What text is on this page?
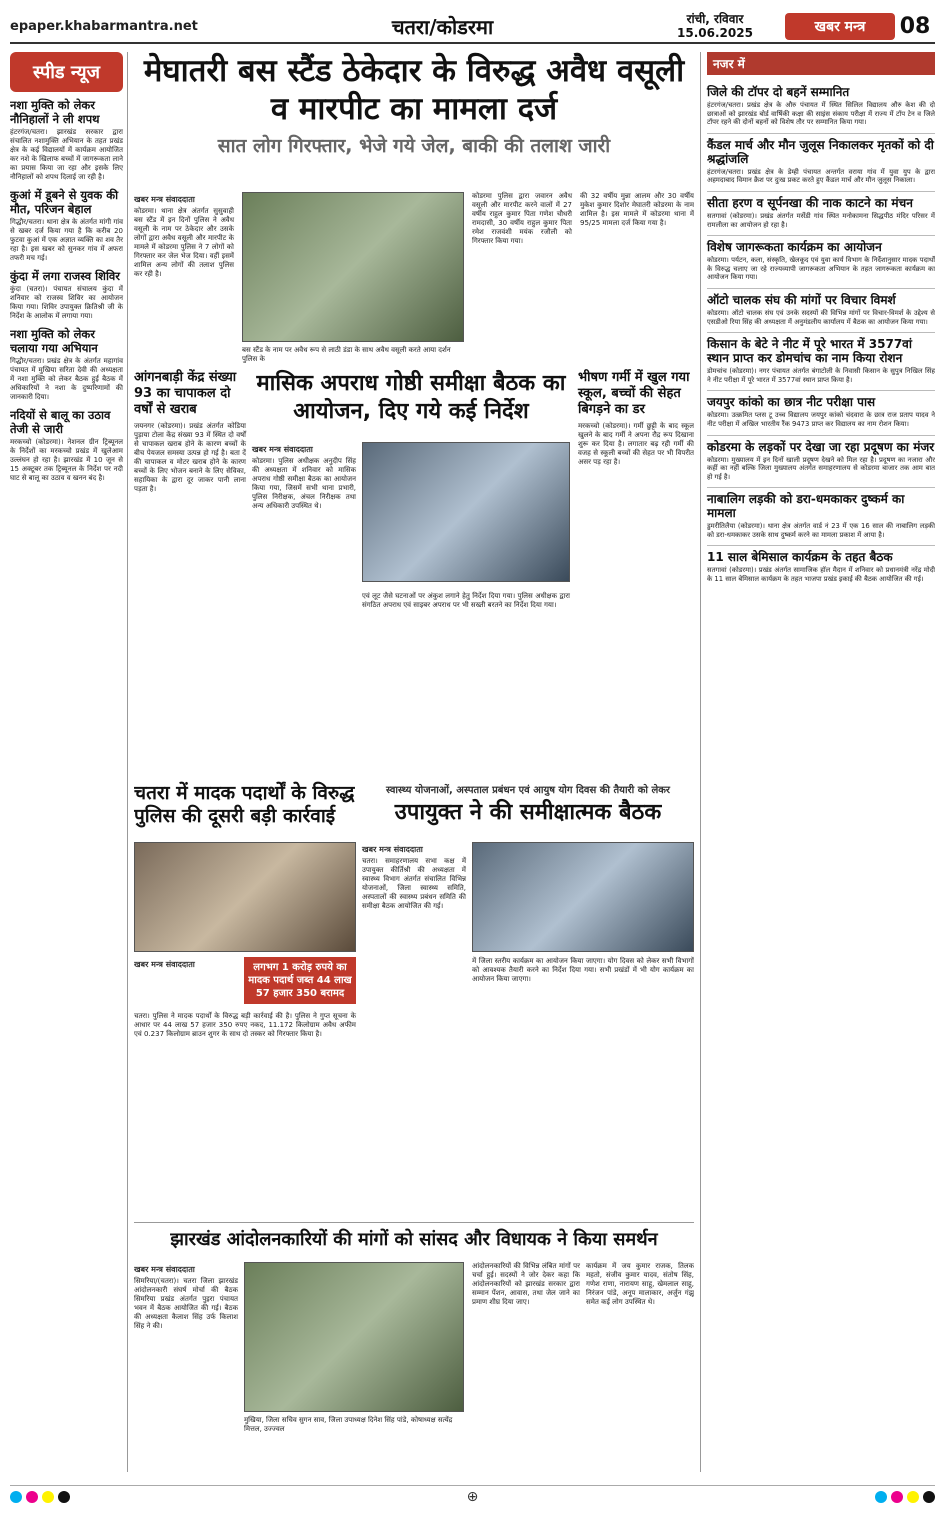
epaper.khabarmantra.net	चतरा/कोडरमा	रांची, रविवार
15.06.2025	खबर मन्त्र	08
स्पीड न्यूज
नशा मुक्ति को लेकर नौनिहालों ने ली शपथ
हंटरगंज/चतरा। झारखंड सरकार द्वारा संचालित नशामुक्ति अभियान के तहत प्रखंड क्षेत्र के कई विद्यालयों में कार्यक्रम आयोजित कर नशे के खिलाफ बच्चों में जागरूकता लाने का प्रयास किया जा रहा और इसके लिए नौनिहालों को शपथ दिलाई जा रही है।
कुआं में डूबने से युवक की मौत, परिजन बेहाल
गिद्धौर/चतरा। थाना क्षेत्र के अंतर्गत मांगी गांव से खबर दर्ज किया गया है कि करीब 20 फुटवा कुआं में एक अज्ञात व्यक्ति का शव तैर रहा है। इस खबर को सुनकर गांव में अफरा तफरी मच गई।
कुंदा में लगा राजस्व शिविर
कुंदा (चतरा)। पंचायत संचालय कुंदा में शनिवार को राजस्व शिविर का आयोजन किया गया। शिविर उपायुक्त क्रितिश्री जी के निर्देश के आलोक में लगाया गया।
नशा मुक्ति को लेकर चलाया गया अभियान
गिद्धौर/चतरा। प्रखंड क्षेत्र के अंतर्गत महागांव पंचायत में मुखिया सरिता देवी की अध्यक्षता में नशा मुक्ति को लेकर बैठक हुई बैठक में अधिकारियों ने नशा के दुष्परिणामों की जानकारी दिया।
नदियों से बालू का उठाव तेजी से जारी
मरकच्चो (कोडरमा)। नेशनल ग्रीन ट्रिब्यूनल के निर्देशों का मरकच्चो प्रखंड में खुलेआम उल्लंघन हो रहा है। झारखंड में 10 जून से 15 अक्टूबर तक ट्रिब्यूनल के निर्देश पर नदी घाट से बालू का उठाव व खनन बंद है।
मेघातरी बस स्टैंड ठेकेदार के विरुद्ध अवैध वसूली व मारपीट का मामला दर्ज
सात लोग गिरफ्तार, भेजे गये जेल, बाकी की तलाश जारी
खबर मन्त्र संवाददाता
कोडरमा। थाना क्षेत्र अंतर्गत सुसुवाही बस स्टैंड में इन दिनों पुलिस ने अवैध वसूली के नाम पर ठेकेदार और उसके लोगों द्वारा अवैध वसूली और मारपीट के मामले में कोडरमा पुलिस ने 7 लोगों को गिरफ्तार कर जेल भेज दिया। वहीं इसमें शामिल अन्य लोगों की तलाश पुलिस कर रही है।
बस स्टैंड के नाम पर अवैध रूप से लाठी डंडा के साथ अवैध वसूली करते आया दर्शन पुलिस के
कोडरमा पुलिस द्वारा जवारन अवैध वसूली और मारपीट करने वालों में 27 वर्षीय राहुल कुमार पिता गणेश चौधरी रामदासी, 30 वर्षीय राहुल कुमार पिता रमेश राजवंशी मयंक रजौली को गिरफ्तार किया गया।
की 32 वर्षीय मुन्ना आलम और 30 वर्षीय मुकेश कुमार दिशोर मेघातरी कोडरमा के नाम शामिल है। इस मामले में कोडरमा थाना में 95/25 मामला दर्ज किया गया है।
आंगनबाड़ी केंद्र संख्या 93 का चापाकल दो वर्षों से खराब
जयनगर (कोडरमा)। प्रखंड अंतर्गत कोडिया पुड़ाया टोला केंद्र संख्या 93 में स्थित दो वर्षों से चापाकल खराब होने के कारण बच्चों के बीच पेयजल समस्या उत्पन्न हो गई है। बता दें की चापाकल व मोटर खराब होने के कारण बच्चों के लिए भोजन बनाने के लिए सेविका, सहायिका के द्वारा दूर जाकर पानी लाना पड़ता है।
मासिक अपराध गोष्ठी समीक्षा बैठक का आयोजन, दिए गये कई निर्देश
खबर मन्त्र संवाददाता
कोडरमा। पुलिस अधीक्षक अनुदीप सिंह की अध्यक्षता में शनिवार को मासिक अपराध गोष्ठी समीक्षा बैठक का आयोजन किया गया, जिसमें सभी थाना प्रभारी, पुलिस निरीक्षक, अंचल निरीक्षक तथा अन्य अधिकारी उपस्थित थे।
एवं लूट जैसे घटनाओं पर अंकुश लगाने हेतु निर्देश दिया गया। पुलिस अधीक्षक द्वारा संगठित अपराध एवं साइबर अपराध पर भी सख्ती बरतने का निर्देश दिया गया।
भीषण गर्मी में खुल गया स्कूल, बच्चों की सेहत बिगड़ने का डर
मरकच्चो (कोडरमा)। गर्मी छुट्टी के बाद स्कूल खुलने के बाद गर्मी ने अपना रौद्र रूप दिखाना शुरू कर दिया है। लगातार बढ़ रही गर्मी की वजह से स्कूली बच्चों की सेहत पर भी विपरीत असर पड़ रहा है।
चतरा में मादक पदार्थों के विरुद्ध पुलिस की दूसरी बड़ी कार्रवाई
खबर मन्त्र संवाददाता	लगभग 1 करोड़ रुपये का मादक पदार्थ जब्त 44 लाख 57 हजार 350 बरामद
चतरा। पुलिस ने मादक पदार्थों के विरुद्ध बड़ी कार्रवाई की है। पुलिस ने गुप्त सूचना के आधार पर 44 लाख 57 हजार 350 रुपए नकद, 11.172 किलोग्राम अवैध अफीम एवं 0.237 किलोग्राम ब्राउन शुगर के साथ दो तस्कर को गिरफ्तार किया है।
स्वास्थ्य योजनाओं, अस्पताल प्रबंधन एवं आयुष योग दिवस की तैयारी को लेकर
उपायुक्त ने की समीक्षात्मक बैठक
खबर मन्त्र संवाददाता
चतरा। समाहरणालय सभा कक्ष में उपायुक्त कीर्तिश्री की अध्यक्षता में स्वास्थ्य विभाग अंतर्गत संचालित विभिन्न योजनाओं, जिला स्वास्थ्य समिति, अस्पतालों की स्वास्थ्य प्रबंधन समिति की समीक्षा बैठक आयोजित की गई।
में जिला स्तरीय कार्यक्रम का आयोजन किया जाएगा। योग दिवस को लेकर सभी विभागों को आवश्यक तैयारी करने का निर्देश दिया गया। सभी प्रखंडों में भी योग कार्यक्रम का आयोजन किया जाएगा।
झारखंड आंदोलनकारियों की मांगों को सांसद और विधायक ने किया समर्थन
खबर मन्त्र संवाददाता
सिमरिया/(चतरा)। चतरा जिला झारखंड आंदोलनकारी संघर्ष मोर्चा की बैठक सिमरिया प्रखंड अंतर्गत पुइरा पंचायत भवन में बैठक आयोजित की गई। बैठक की अध्यक्षता कैलाश सिंह उर्फ किलाश सिंह ने की।
मुखिया, जिला सचिव सुगन साव, जिला उपाध्यक्ष दिनेश सिंह पांडे, कोषाध्यक्ष सत्येंद्र मित्तल, उज्ज्वल
आंदोलनकारियों की विभिन्न लंबित मांगों पर चर्चा हुई। सदस्यों ने जोर देकर कहा कि आंदोलनकारियों को झारखंड सरकार द्वारा सम्मान पेंशन, आवास, तथा जेल जाने का प्रमाण शीघ्र दिया जाए।
कार्यक्रम में जय कुमार राजक, तिलक महतो, संजीव कुमार यादव, संतोष सिंह, गणेश राणा, नारायण साहू, खेमलाल साहू, निरंजन पांडे, अनूप मालाकार, अर्जुन गंझू समेत कई लोग उपस्थित थे।
नजर में
जिले की टॉपर दो बहनें सम्मानित
हंटरगंज/चतरा। प्रखंड क्षेत्र के औरु पंचायत में स्थित सिलिल विद्यालय औरु केश की दो छात्राओं को झारखंड बोर्ड वार्षिकी कक्षा की साइंस संकाय परीक्षा में राज्य में टॉप टेन व जिले टॉपर रहने की दोनों बहनों को विशेष तौर पर सम्मानित किया गया।
कैंडल मार्च और मौन जुलूस निकालकर मृतकों को दी श्रद्धांजलि
हंटरगंज/चतरा। प्रखंड क्षेत्र के डेम्ही पंचायत अन्तर्गत वराया गांव में युवा युप के द्वारा अहमदाबाद विमान क्रैश पर दुःख प्रकट करते हुए कैंडल मार्च और मौन जुलूस निकाला।
सीता हरण व सूर्पनखा की नाक काटने का मंचन
सतगावां (कोडरमा)। प्रखंड अंतर्गत मर्सेडी गांव स्थित मनोकामना सिद्धपीठ मंदिर परिसर में रामलीला का आयोजन हो रहा है।
विशेष जागरूकता कार्यक्रम का आयोजन
कोडरमा। पर्यटन, कला, संस्कृति, खेलकूद एवं युवा कार्य विभाग के निर्देशानुसार मादक पदार्थों के विरुद्ध चलाए जा रहे राज्यव्यापी जागरूकता अभियान के तहत जागरूकता कार्यक्रम का आयोजन किया गया।
ऑटो चालक संघ की मांगों पर विचार विमर्श
कोडरमा। ऑटो चालक संघ एवं उनके सदस्यों की विभिन्न मांगों पर विचार-विमर्श के उद्देश्य से एसडीओ रिया सिंह की अध्यक्षता में अनुमंडलीय कार्यालय में बैठक का आयोजन किया गया।
किसान के बेटे ने नीट में पूरे भारत में 3577वां स्थान प्राप्त कर डोमचांच का नाम किया रोशन
डोमचांच (कोडरमा)। नगर पंचायत अंतर्गत बंगाटोली के निवासी किसान के सुपुत्र निखिल सिंह ने नीट परीक्षा में पूरे भारत में 3577वां स्थान प्राप्त किया है।
जयपुर कांको का छात्र नीट परीक्षा पास
कोडरमा। उत्क्रमित प्लस टू उच्च विद्यालय जयपुर कांको चंदवारा के छात्र राज प्रताप यादव ने नीट परीक्षा में अखिल भारतीय रैंक 9473 प्राप्त कर विद्यालय का नाम रोशन किया।
कोडरमा के लड़कों पर देखा जा रहा प्रदूषण का मंजर
कोडरमा। मुख्यालय में इन दिनों खाली प्रदूषण देखने को मिल रहा है। प्रदूषण का नजारा और कहीं का नहीं बल्कि जिला मुख्यालय अंतर्गत समाहरणालय से कोडरमा बाजार तक आम बात हो गई है।
नाबालिग लड़की को डरा-धमकाकर दुष्कर्म का मामला
डुमरीतिलैया (कोडरमा)। थाना क्षेत्र अंतर्गत वार्ड नं 23 में एक 16 साल की नाबालिग लड़की को डरा-धमकाकर उसके साथ दुष्कर्म करने का मामला प्रकाश में आया है।
11 साल बेमिसाल कार्यक्रम के तहत बैठक
सतगावां (कोडरमा)। प्रखंड अंतर्गत सामाजिक हॉल मैदान में शनिवार को प्रधानमंत्री नरेंद्र मोदी के 11 साल बेमिसाल कार्यक्रम के तहत भाजपा प्रखंड इकाई की बैठक आयोजित की गई।
⊕
